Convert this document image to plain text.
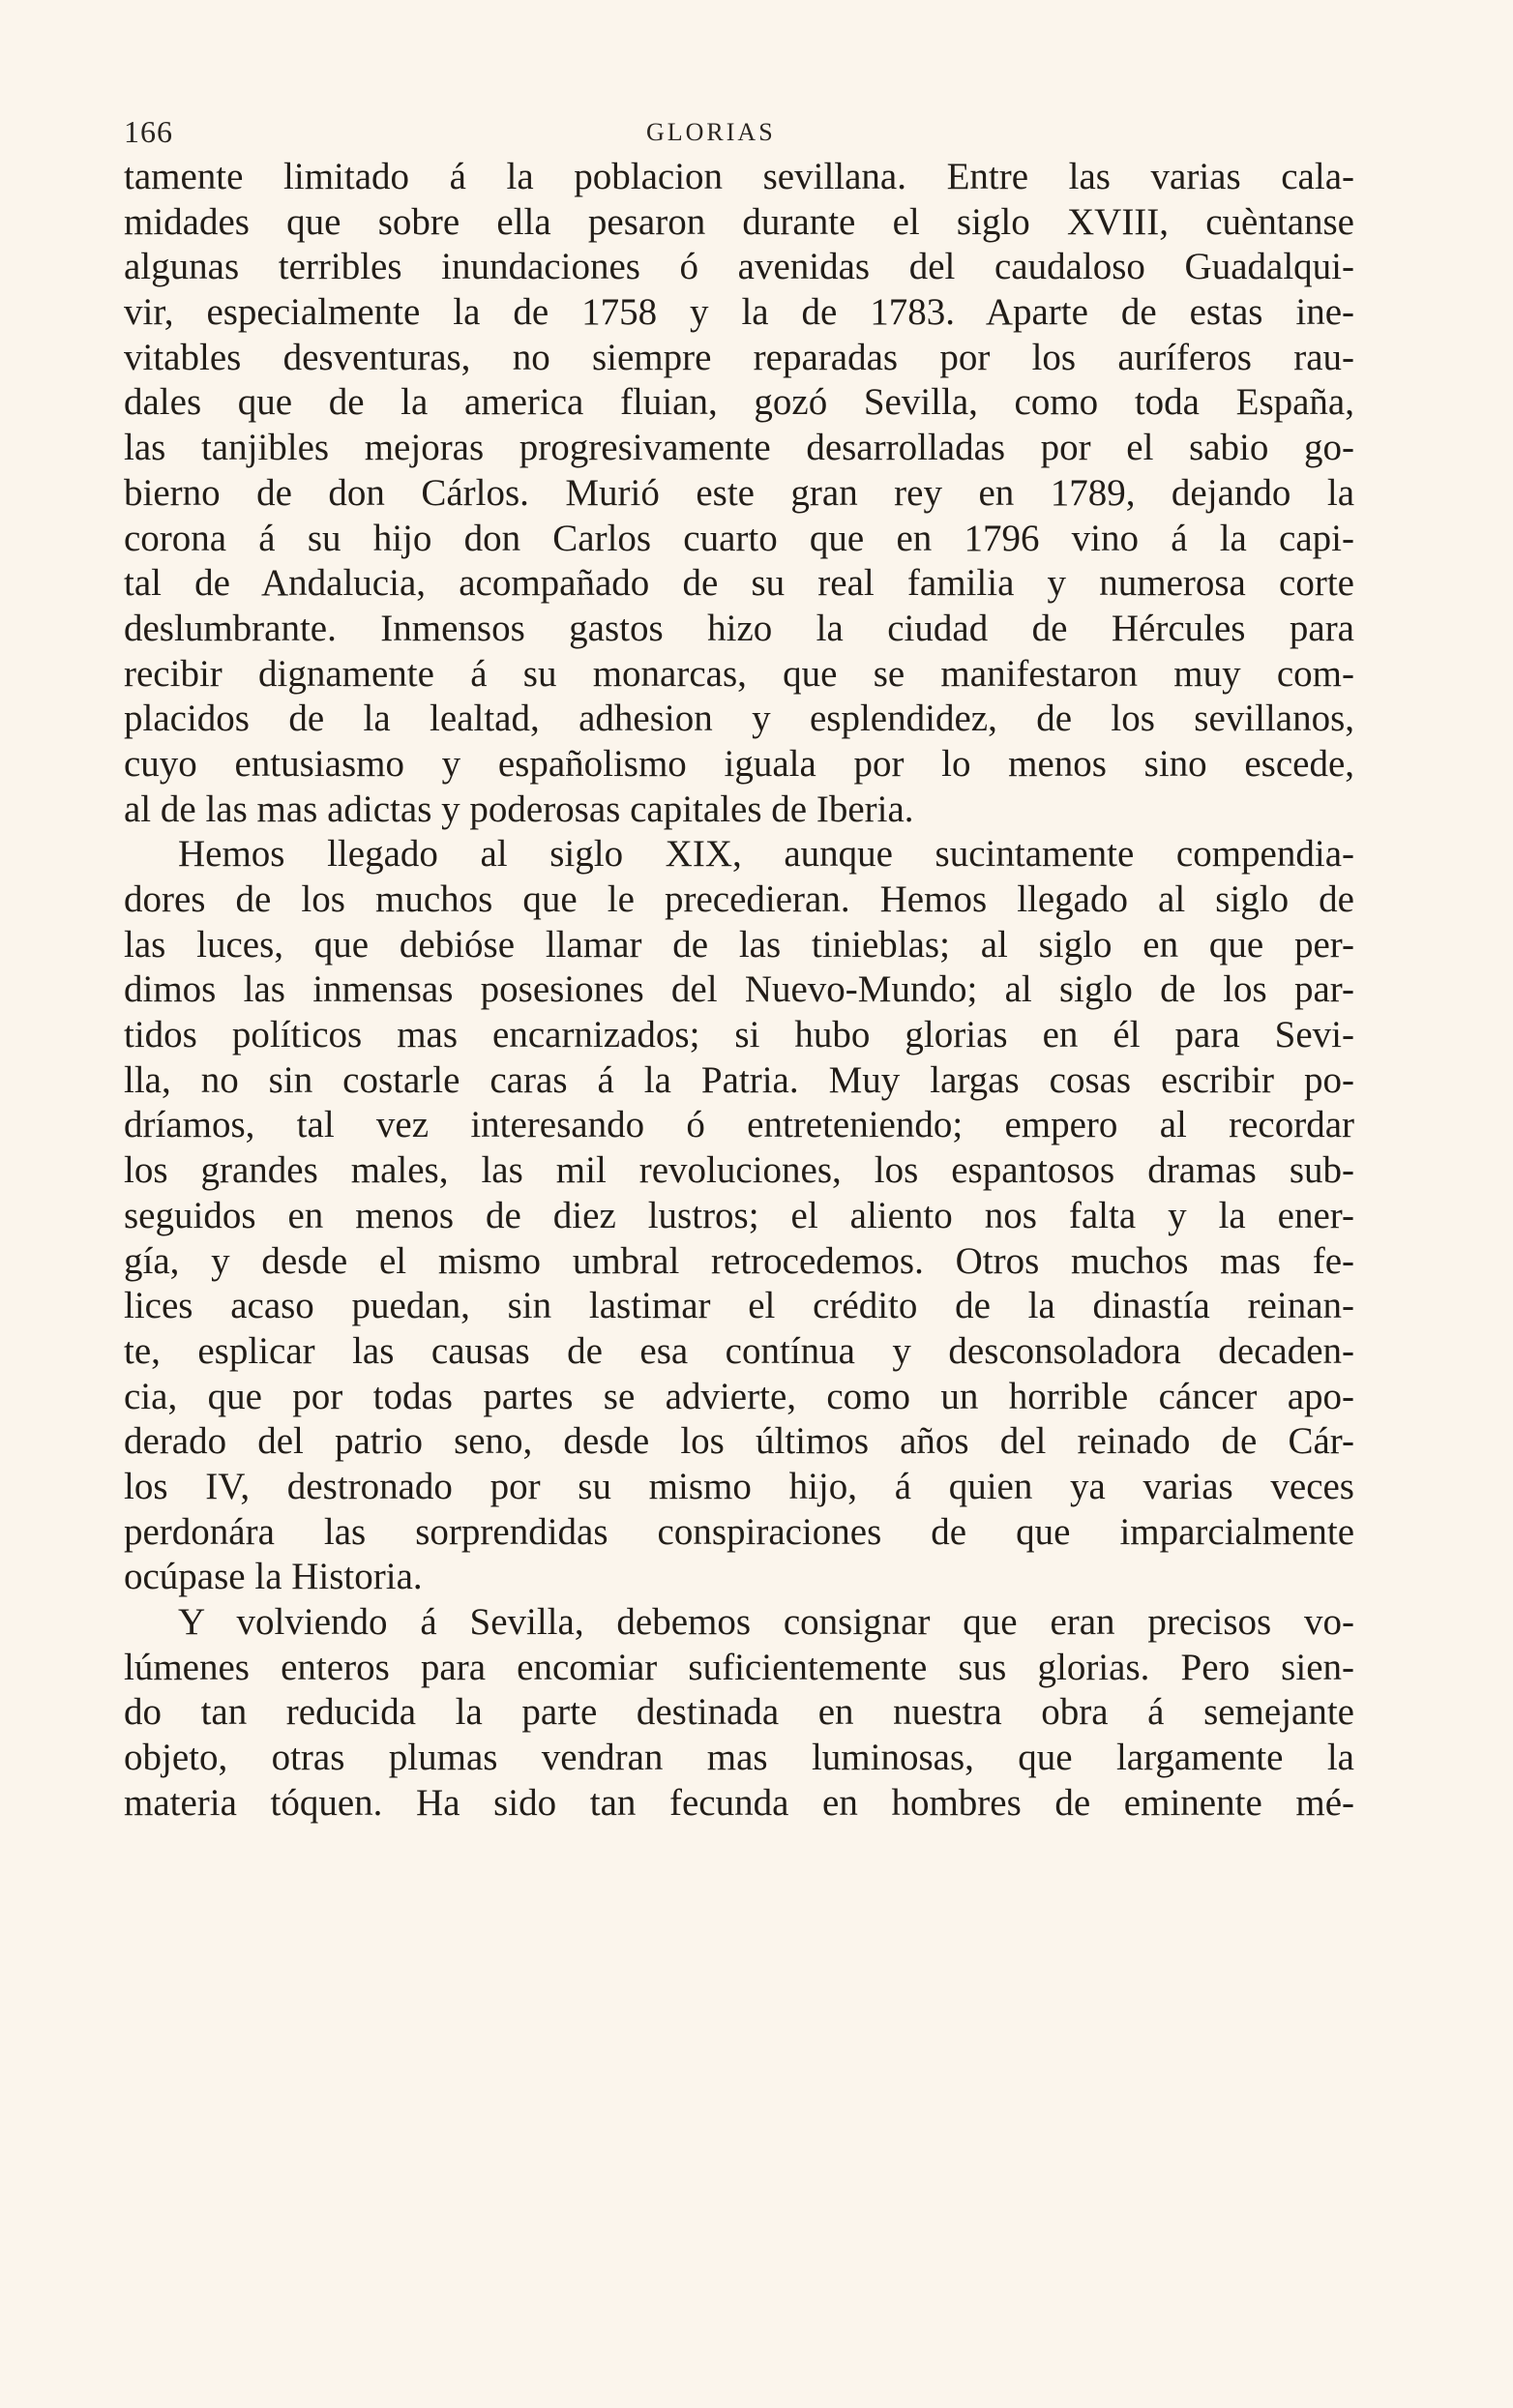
166	GLORIAS
tamente limitado á la poblacion sevillana. Entre las varias cala-
midades que sobre ella pesaron durante el siglo XVIII, cuèntanse
algunas terribles inundaciones ó avenidas del caudaloso Guadalqui-
vir, especialmente la de 1758 y la de 1783. Aparte de estas ine-
vitables desventuras, no siempre reparadas por los auríferos rau-
dales que de la america fluian, gozó Sevilla, como toda España,
las tanjibles mejoras progresivamente desarrolladas por el sabio go-
bierno de don Cárlos. Murió este gran rey en 1789, dejando la
corona á su hijo don Carlos cuarto que en 1796 vino á la capi-
tal de Andalucia, acompañado de su real familia y numerosa corte
deslumbrante. Inmensos gastos hizo la ciudad de Hércules para
recibir dignamente á su monarcas, que se manifestaron muy com-
placidos de la lealtad, adhesion y esplendidez, de los sevillanos,
cuyo entusiasmo y españolismo iguala por lo menos sino escede,
al de las mas adictas y poderosas capitales de Iberia.
Hemos llegado al siglo XIX, aunque sucintamente compendia-
dores de los muchos que le precedieran. Hemos llegado al siglo de
las luces, que debióse llamar de las tinieblas; al siglo en que per-
dimos las inmensas posesiones del Nuevo-Mundo; al siglo de los par-
tidos políticos mas encarnizados; si hubo glorias en él para Sevi-
lla, no sin costarle caras á la Patria. Muy largas cosas escribir po-
dríamos, tal vez interesando ó entreteniendo; empero al recordar
los grandes males, las mil revoluciones, los espantosos dramas sub-
seguidos en menos de diez lustros; el aliento nos falta y la ener-
gía, y desde el mismo umbral retrocedemos. Otros muchos mas fe-
lices acaso puedan, sin lastimar el crédito de la dinastía reinan-
te, esplicar las causas de esa contínua y desconsoladora decaden-
cia, que por todas partes se advierte, como un horrible cáncer apo-
derado del patrio seno, desde los últimos años del reinado de Cár-
los IV, destronado por su mismo hijo, á quien ya varias veces
perdonára las sorprendidas conspiraciones de que imparcialmente
ocúpase la Historia.
Y volviendo á Sevilla, debemos consignar que eran precisos vo-
lúmenes enteros para encomiar suficientemente sus glorias. Pero sien-
do tan reducida la parte destinada en nuestra obra á semejante
objeto, otras plumas vendran mas luminosas, que largamente la
materia tóquen. Ha sido tan fecunda en hombres de eminente mé-
